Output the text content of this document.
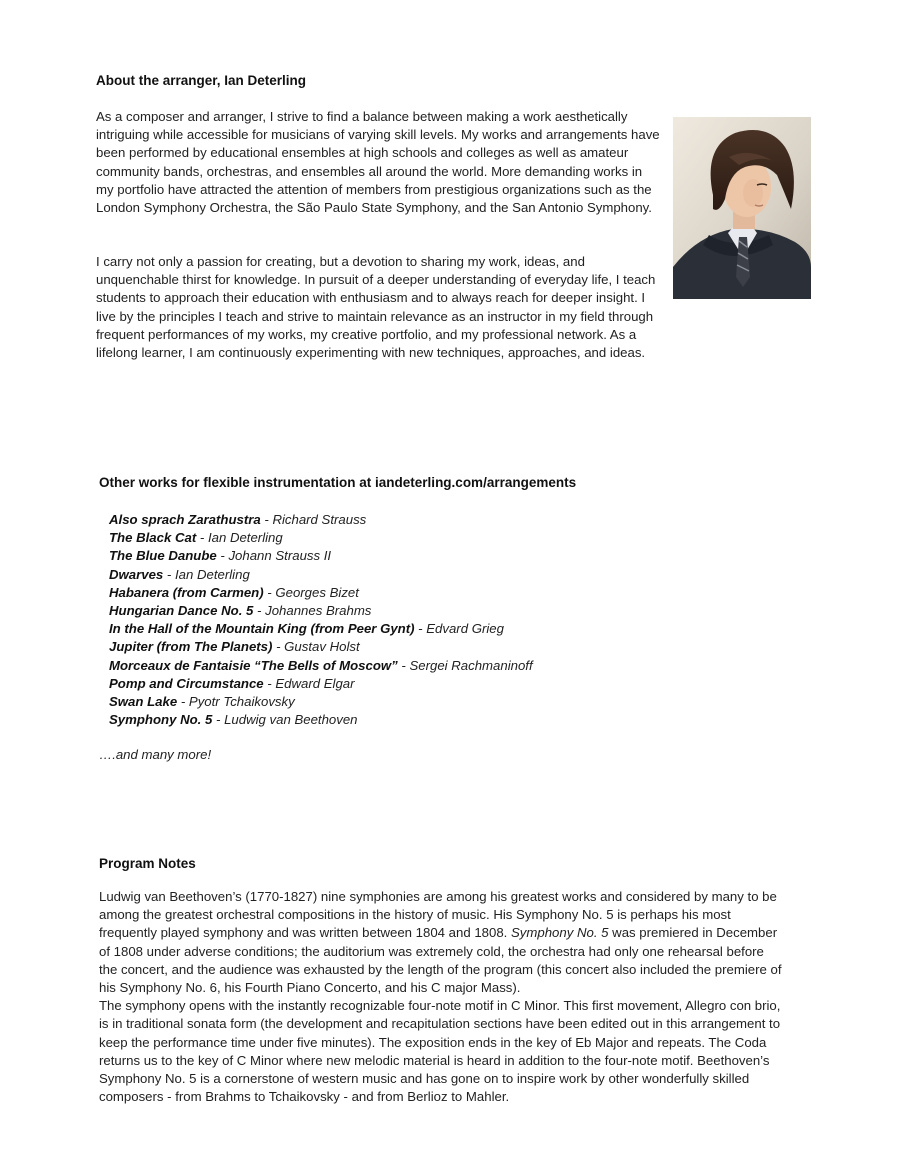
About the arranger, Ian Deterling

As a composer and arranger, I strive to find a balance between making a work aesthetically intriguing while accessible for musicians of varying skill levels. My works and arrangements have been performed by educational ensembles at high schools and colleges as well as amateur community bands, orchestras, and ensembles all around the world. More demanding works in my portfolio have attracted the attention of members from prestigious organizations such as the London Symphony Orchestra, the São Paulo State Symphony, and the San Antonio Symphony.

I carry not only a passion for creating, but a devotion to sharing my work, ideas, and unquenchable thirst for knowledge. In pursuit of a deeper understanding of everyday life, I teach students to approach their education with enthusiasm and to always reach for deeper insight. I live by the principles I teach and strive to maintain relevance as an instructor in my field through frequent performances of my works, my creative portfolio, and my professional network. As a lifelong learner, I am continuously experimenting with new techniques, approaches, and ideas.

Other works for flexible instrumentation at iandeterling.com/arrangements
Also sprach Zarathustra - Richard Strauss
The Black Cat - Ian Deterling
The Blue Danube - Johann Strauss II
Dwarves - Ian Deterling
Habanera (from Carmen) - Georges Bizet
Hungarian Dance No. 5 - Johannes Brahms
In the Hall of the Mountain King (from Peer Gynt) - Edvard Grieg
Jupiter (from The Planets) - Gustav Holst
Morceaux de Fantaisie “The Bells of Moscow” - Sergei Rachmaninoff
Pomp and Circumstance - Edward Elgar
Swan Lake - Pyotr Tchaikovsky
Symphony No. 5 - Ludwig van Beethoven
….and many more!
Program Notes
Ludwig van Beethoven’s (1770-1827) nine symphonies are among his greatest works and considered by many to be among the greatest orchestral compositions in the history of music. His Symphony No. 5 is perhaps his most frequently played symphony and was written between 1804 and 1808. Symphony No. 5 was premiered in December of 1808 under adverse conditions; the auditorium was extremely cold, the orchestra had only one rehearsal before the concert, and the audience was exhausted by the length of the program (this concert also included the premiere of his Symphony No. 6, his Fourth Piano Concerto, and his C major Mass).
The symphony opens with the instantly recognizable four-note motif in C Minor. This first movement, Allegro con brio, is in traditional sonata form (the development and recapitulation sections have been edited out in this arrangement to keep the performance time under five minutes). The exposition ends in the key of Eb Major and repeats. The Coda returns us to the key of C Minor where new melodic material is heard in addition to the four-note motif. Beethoven’s Symphony No. 5 is a cornerstone of western music and has gone on to inspire work by other wonderfully skilled composers - from Brahms to Tchaikovsky - and from Berlioz to Mahler.
